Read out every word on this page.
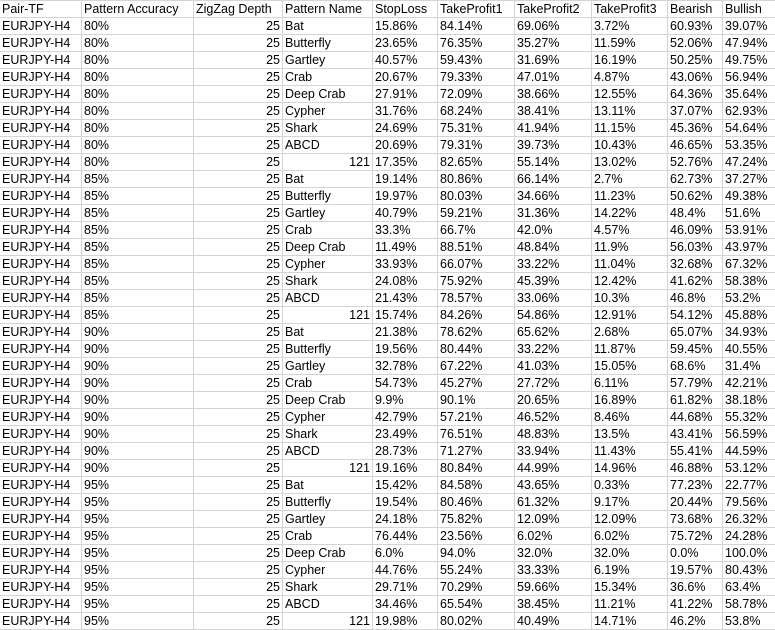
Pair-TF	Pattern Accuracy	ZigZag Depth	Pattern Name	StopLoss	TakeProfit1	TakeProfit2	TakeProfit3	Bearish	Bullish
EURJPY-H4	80%	25	Bat	15.86%	84.14%	69.06%	3.72%	60.93%	39.07%
EURJPY-H4	80%	25	Butterfly	23.65%	76.35%	35.27%	11.59%	52.06%	47.94%
EURJPY-H4	80%	25	Gartley	40.57%	59.43%	31.69%	16.19%	50.25%	49.75%
EURJPY-H4	80%	25	Crab	20.67%	79.33%	47.01%	4.87%	43.06%	56.94%
EURJPY-H4	80%	25	Deep Crab	27.91%	72.09%	38.66%	12.55%	64.36%	35.64%
EURJPY-H4	80%	25	Cypher	31.76%	68.24%	38.41%	13.11%	37.07%	62.93%
EURJPY-H4	80%	25	Shark	24.69%	75.31%	41.94%	11.15%	45.36%	54.64%
EURJPY-H4	80%	25	ABCD	20.69%	79.31%	39.73%	10.43%	46.65%	53.35%
EURJPY-H4	80%	25	121	17.35%	82.65%	55.14%	13.02%	52.76%	47.24%
EURJPY-H4	85%	25	Bat	19.14%	80.86%	66.14%	2.7%	62.73%	37.27%
EURJPY-H4	85%	25	Butterfly	19.97%	80.03%	34.66%	11.23%	50.62%	49.38%
EURJPY-H4	85%	25	Gartley	40.79%	59.21%	31.36%	14.22%	48.4%	51.6%
EURJPY-H4	85%	25	Crab	33.3%	66.7%	42.0%	4.57%	46.09%	53.91%
EURJPY-H4	85%	25	Deep Crab	11.49%	88.51%	48.84%	11.9%	56.03%	43.97%
EURJPY-H4	85%	25	Cypher	33.93%	66.07%	33.22%	11.04%	32.68%	67.32%
EURJPY-H4	85%	25	Shark	24.08%	75.92%	45.39%	12.42%	41.62%	58.38%
EURJPY-H4	85%	25	ABCD	21.43%	78.57%	33.06%	10.3%	46.8%	53.2%
EURJPY-H4	85%	25	121	15.74%	84.26%	54.86%	12.91%	54.12%	45.88%
EURJPY-H4	90%	25	Bat	21.38%	78.62%	65.62%	2.68%	65.07%	34.93%
EURJPY-H4	90%	25	Butterfly	19.56%	80.44%	33.22%	11.87%	59.45%	40.55%
EURJPY-H4	90%	25	Gartley	32.78%	67.22%	41.03%	15.05%	68.6%	31.4%
EURJPY-H4	90%	25	Crab	54.73%	45.27%	27.72%	6.11%	57.79%	42.21%
EURJPY-H4	90%	25	Deep Crab	9.9%	90.1%	20.65%	16.89%	61.82%	38.18%
EURJPY-H4	90%	25	Cypher	42.79%	57.21%	46.52%	8.46%	44.68%	55.32%
EURJPY-H4	90%	25	Shark	23.49%	76.51%	48.83%	13.5%	43.41%	56.59%
EURJPY-H4	90%	25	ABCD	28.73%	71.27%	33.94%	11.43%	55.41%	44.59%
EURJPY-H4	90%	25	121	19.16%	80.84%	44.99%	14.96%	46.88%	53.12%
EURJPY-H4	95%	25	Bat	15.42%	84.58%	43.65%	0.33%	77.23%	22.77%
EURJPY-H4	95%	25	Butterfly	19.54%	80.46%	61.32%	9.17%	20.44%	79.56%
EURJPY-H4	95%	25	Gartley	24.18%	75.82%	12.09%	12.09%	73.68%	26.32%
EURJPY-H4	95%	25	Crab	76.44%	23.56%	6.02%	6.02%	75.72%	24.28%
EURJPY-H4	95%	25	Deep Crab	6.0%	94.0%	32.0%	32.0%	0.0%	100.0%
EURJPY-H4	95%	25	Cypher	44.76%	55.24%	33.33%	6.19%	19.57%	80.43%
EURJPY-H4	95%	25	Shark	29.71%	70.29%	59.66%	15.34%	36.6%	63.4%
EURJPY-H4	95%	25	ABCD	34.46%	65.54%	38.45%	11.21%	41.22%	58.78%
EURJPY-H4	95%	25	121	19.98%	80.02%	40.49%	14.71%	46.2%	53.8%
